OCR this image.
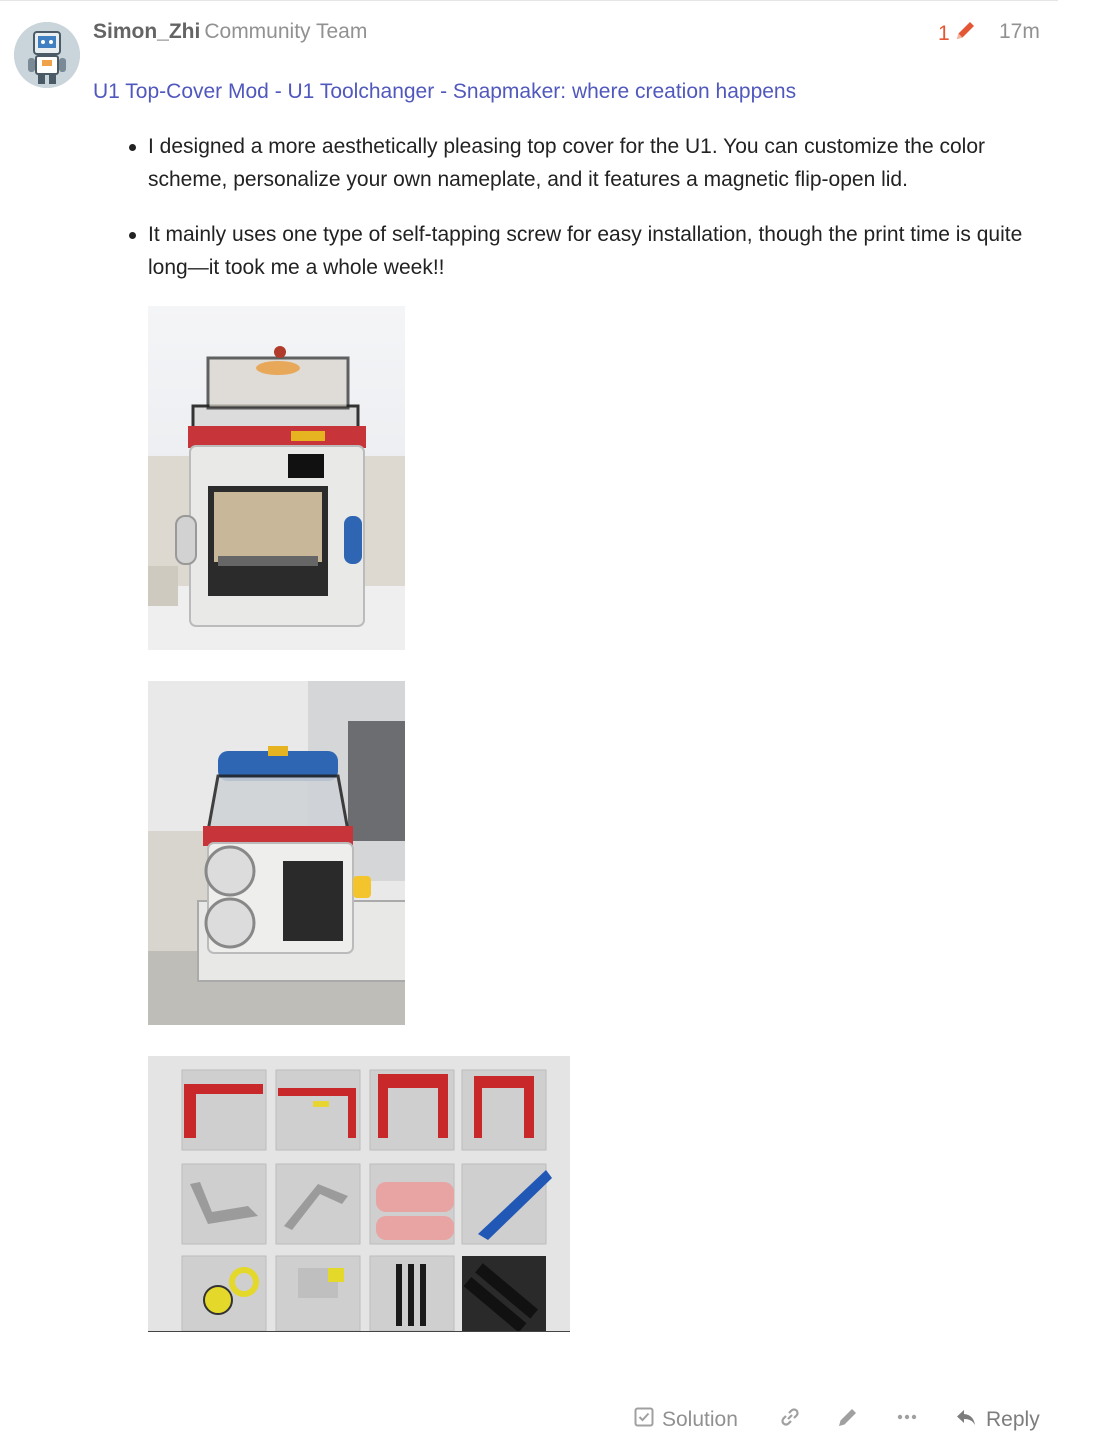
Simon_Zhi Community Team	1 17m
U1 Top-Cover Mod - U1 Toolchanger - Snapmaker: where creation happens
I designed a more aesthetically pleasing top cover for the U1. You can customize the color scheme, personalize your own nameplate, and it features a magnetic flip-open lid.
It mainly uses one type of self-tapping screw for easy installation, though the print time is quite long—it took me a whole week!!
Solution	Reply
